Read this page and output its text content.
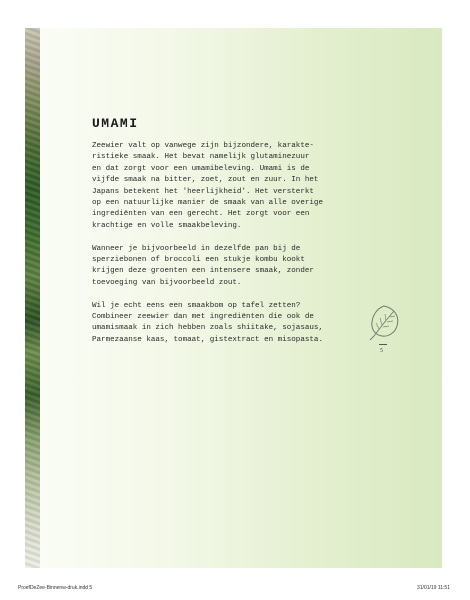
UMAMI

Zeewier valt op vanwege zijn bijzondere, karakte-
ristieke smaak. Het bevat namelijk glutaminezuur
en dat zorgt voor een umamibeleving. Umami is de
vijfde smaak na bitter, zoet, zout en zuur. In het
Japans betekent het 'heerlijkheid'. Het versterkt
op een natuurlijke manier de smaak van alle overige
ingrediënten van een gerecht. Het zorgt voor een
krachtige en volle smaakbeleving.

Wanneer je bijvoorbeeld in dezelfde pan bij de
sperziebonen of broccoli een stukje kombu kookt
krijgen deze groenten een intensere smaak, zonder
toevoeging van bijvoorbeeld zout.

Wil je echt eens een smaakbom op tafel zetten?
Combineer zeewier dan met ingrediënten die ook de
umamismaak in zich hebben zoals shiitake, sojasaus,
Parmezaanse kaas, tomaat, gistextract en misopasta.

5
ProefDeZee-Binnenw-druk.indd 5	31/01/19 11:51
